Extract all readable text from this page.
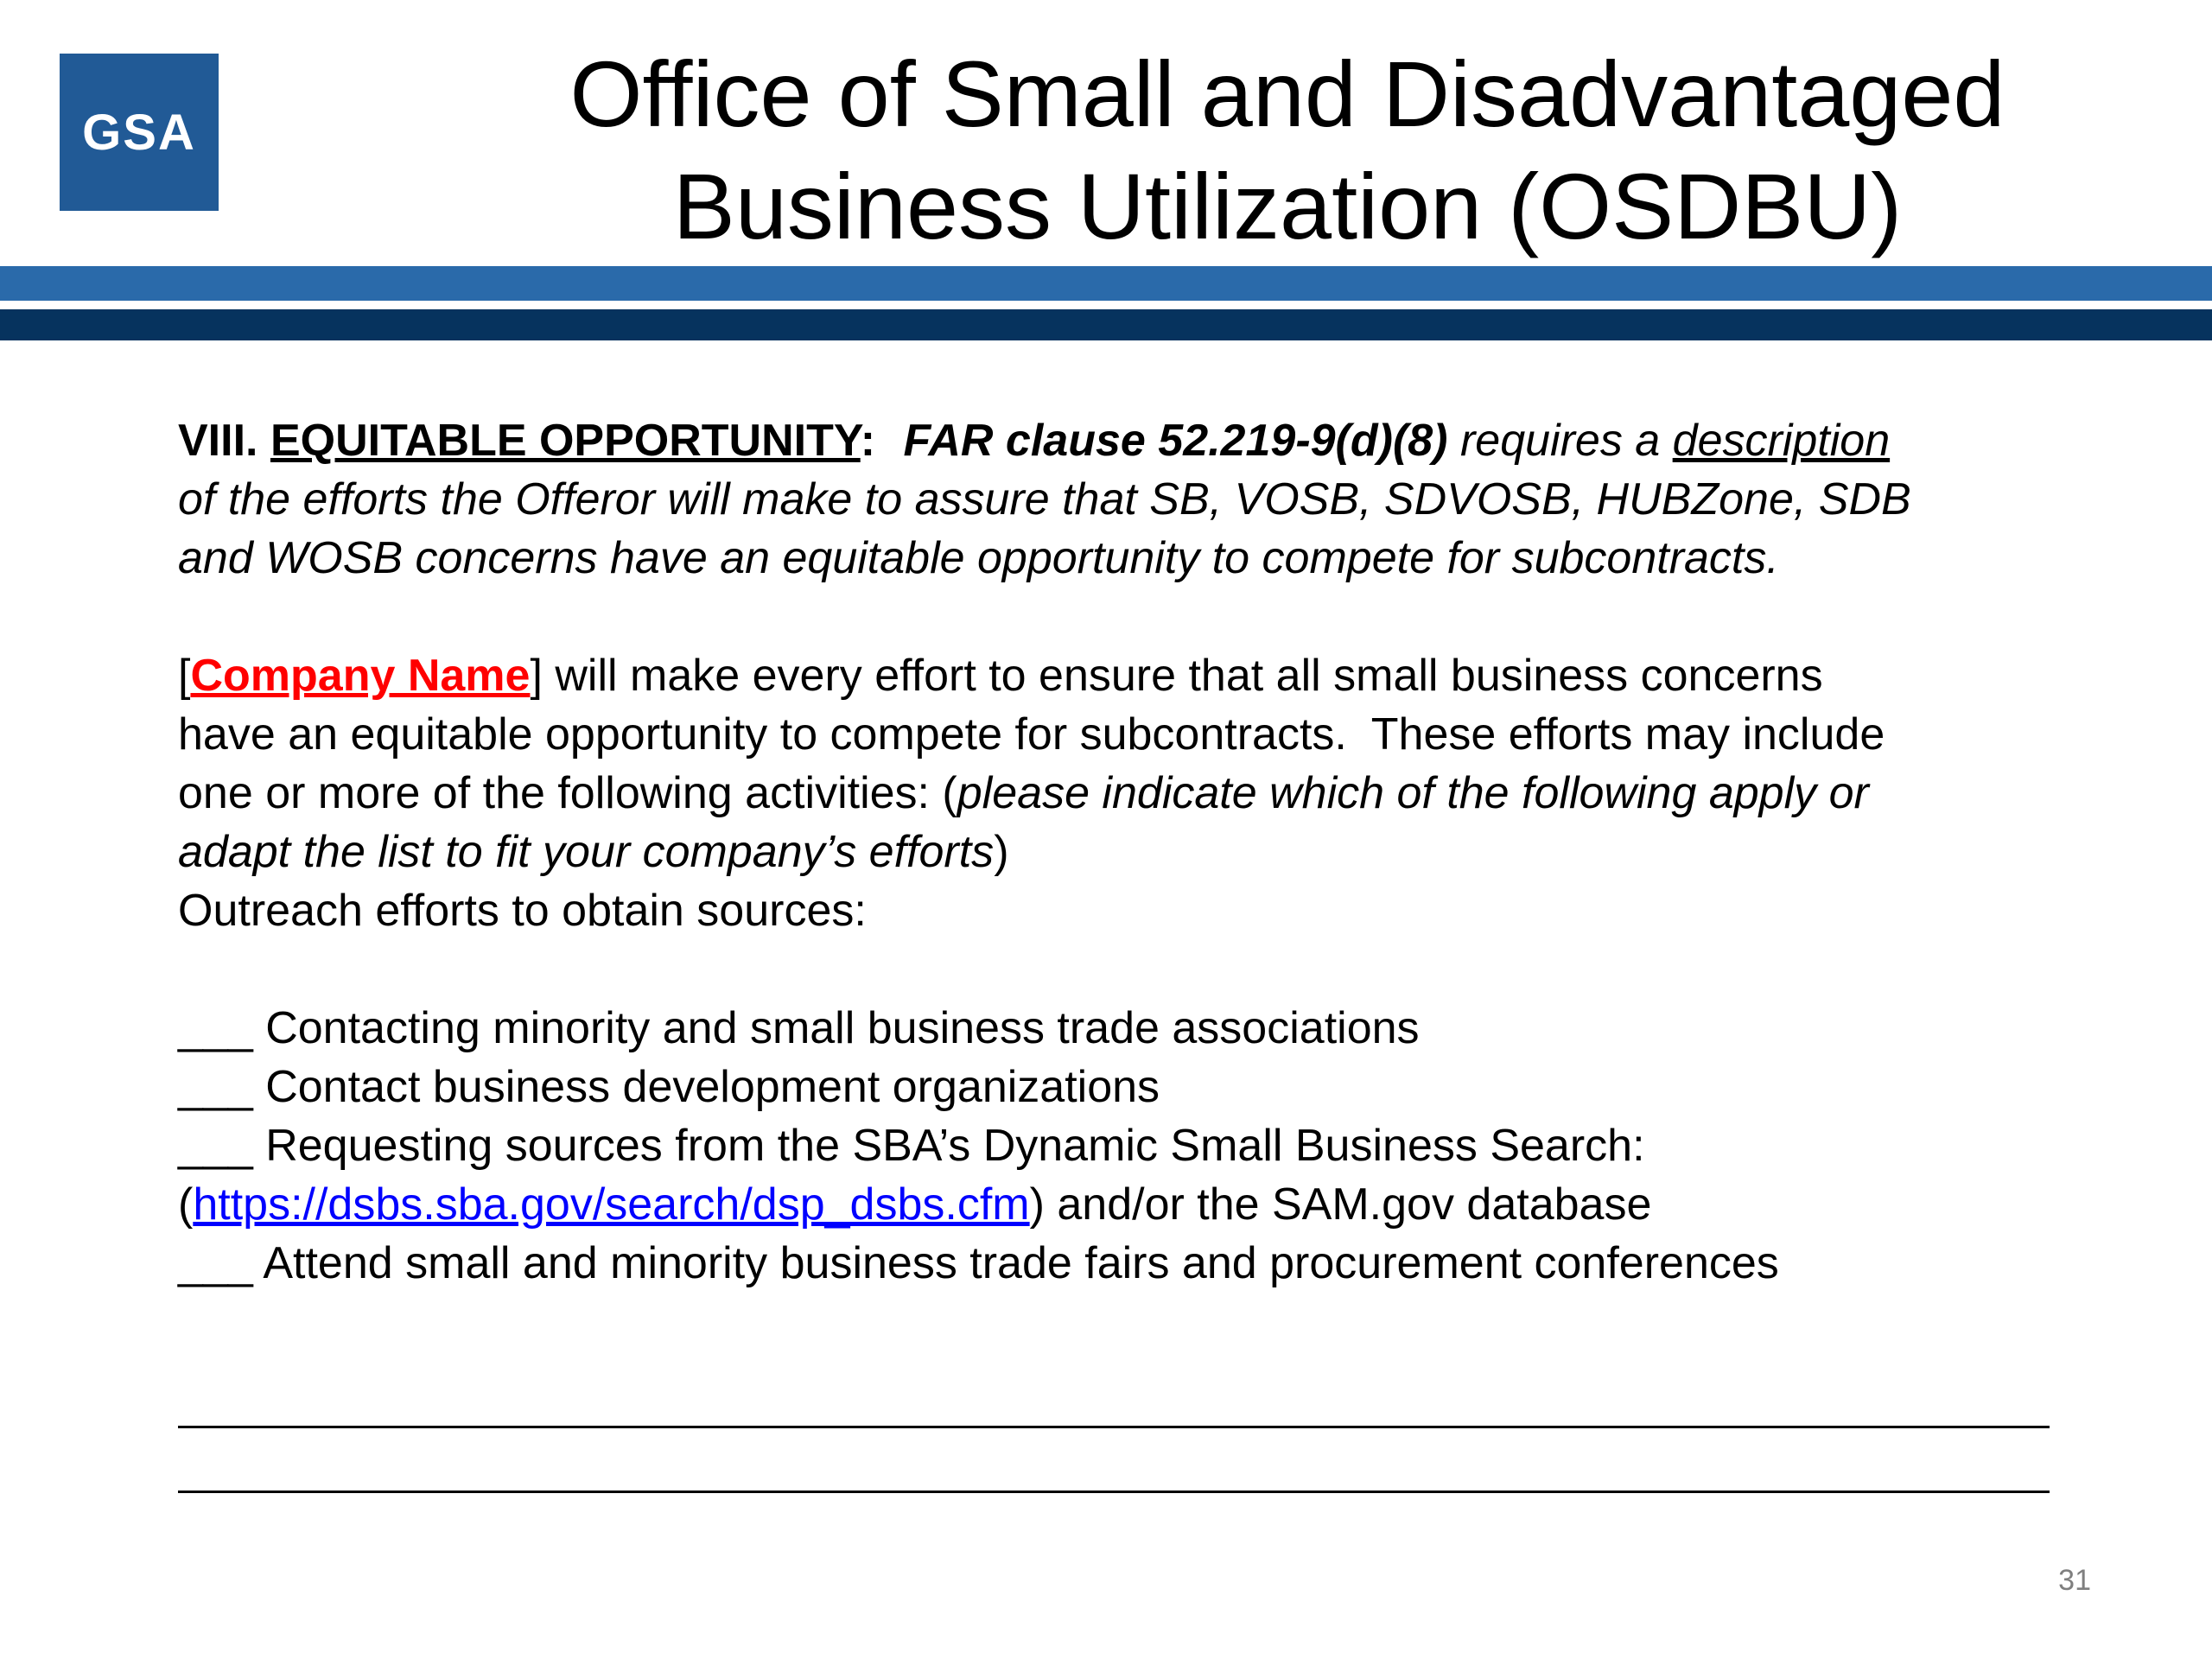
GSA	Office of Small and Disadvantaged
Business Utilization (OSDBU)
VIII. EQUITABLE OPPORTUNITY: FAR clause 52.219-9(d)(8) requires a description
of the efforts the Offeror will make to assure that SB, VOSB, SDVOSB, HUBZone, SDB
and WOSB concerns have an equitable opportunity to compete for subcontracts.
[Company Name] will make every effort to ensure that all small business concerns
have an equitable opportunity to compete for subcontracts.  These efforts may include
one or more of the following activities: (please indicate which of the following apply or
adapt the list to fit your company’s efforts)
Outreach efforts to obtain sources:
___ Contacting minority and small business trade associations
___ Contact business development organizations
___ Requesting sources from the SBA’s Dynamic Small Business Search:
(https://dsbs.sba.gov/search/dsp_dsbs.cfm) and/or the SAM.gov database
___ Attend small and minority business trade fairs and procurement conferences
31
